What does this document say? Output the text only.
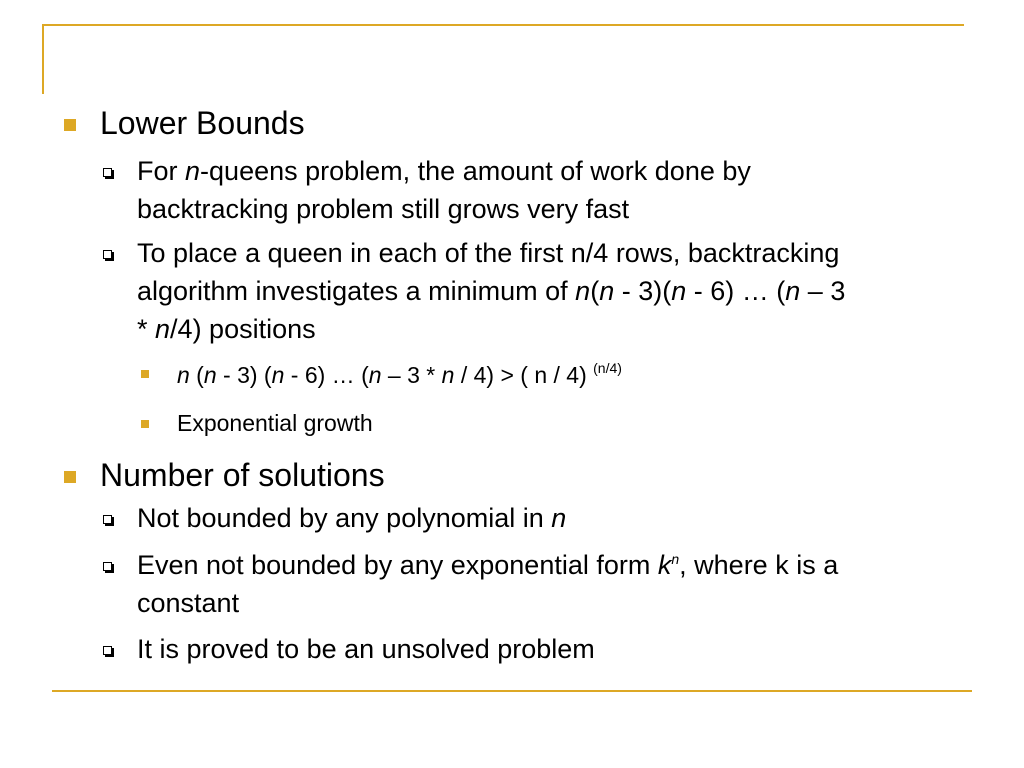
Lower Bounds
For n-queens problem, the amount of work done by
backtracking problem still grows very fast
To place a queen in each of the first n/4 rows, backtracking
algorithm investigates a minimum of n(n - 3)(n - 6) … (n – 3
* n/4) positions
n (n - 3) (n - 6) … (n – 3 * n / 4) > ( n / 4) $^{(n/4)}$
Exponential growth
Number of solutions
Not bounded by any polynomial in n
Even not bounded by any exponential form $k^n$, where k is a
constant
It is proved to be an unsolved problem
